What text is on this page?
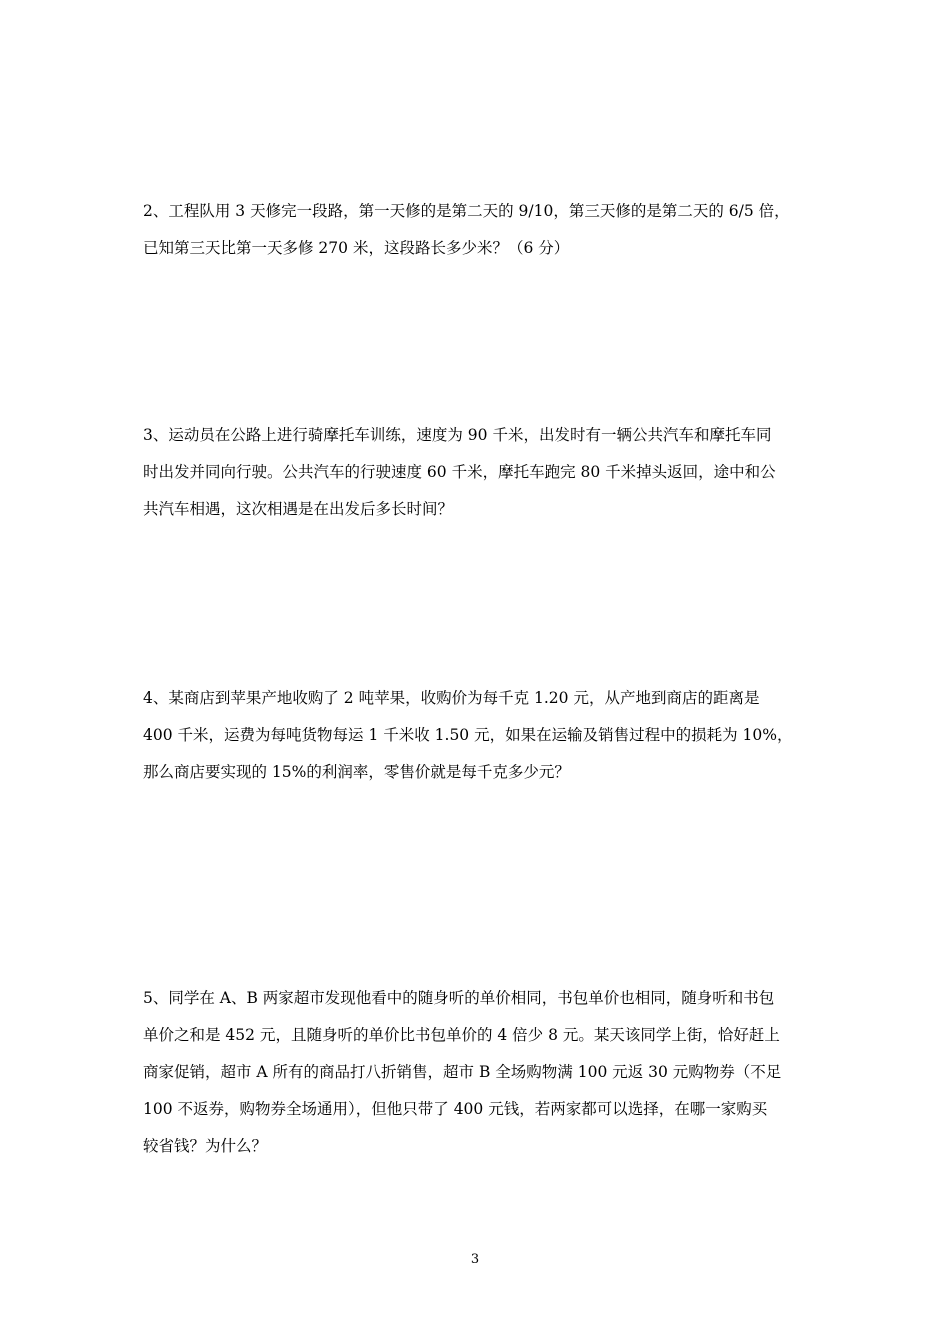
2、工程队用 3 天修完一段路，第一天修的是第二天的 9/10，第三天修的是第二天的 6/5 倍，
已知第三天比第一天多修 270 米，这段路长多少米？（6 分）
3、运动员在公路上进行骑摩托车训练，速度为 90 千米，出发时有一辆公共汽车和摩托车同
时出发并同向行驶。公共汽车的行驶速度 60 千米，摩托车跑完 80 千米掉头返回，途中和公
共汽车相遇，这次相遇是在出发后多长时间？
4、某商店到苹果产地收购了 2 吨苹果，收购价为每千克 1.20 元，从产地到商店的距离是
400 千米，运费为每吨货物每运 1 千米收 1.50 元，如果在运输及销售过程中的损耗为 10%，
那么商店要实现的 15%的利润率，零售价就是每千克多少元？
5、同学在 A、B 两家超市发现他看中的随身听的单价相同，书包单价也相同，随身听和书包
单价之和是 452 元，且随身听的单价比书包单价的 4 倍少 8 元。某天该同学上街，恰好赶上
商家促销，超市 A 所有的商品打八折销售，超市 B 全场购物满 100 元返 30 元购物券（不足
100 不返券，购物券全场通用），但他只带了 400 元钱，若两家都可以选择，在哪一家购买
较省钱？为什么？
3
